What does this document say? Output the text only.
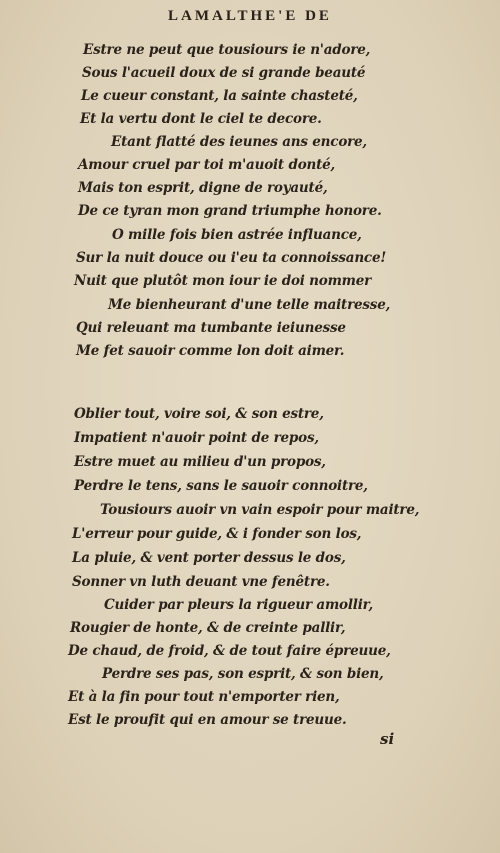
LAMALTHE'E DE
Estre ne peut que tousiours ie n'adore,
Sous l'acueil doux de si grande beauté
Le cueur constant, la sainte chasteté,
Et la vertu dont le ciel te decore.
Etant flatté des ieunes ans encore,
Amour cruel par toi m'auoit donté,
Mais ton esprit, digne de royauté,
De ce tyran mon grand triumphe honore.
O mille fois bien astrée influance,
Sur la nuit douce ou i'eu ta connoissance!
Nuit que plutôt mon iour ie doi nommer
Me bienheurant d'une telle maitresse,
Qui releuant ma tumbante ieiunesse
Me fet sauoir comme lon doit aimer.
Oblier tout, voire soi, & son estre,
Impatient n'auoir point de repos,
Estre muet au milieu d'un propos,
Perdre le tens, sans le sauoir connoitre,
Tousiours auoir vn vain espoir pour maitre,
L'erreur pour guide, & i fonder son los,
La pluie, & vent porter dessus le dos,
Sonner vn luth deuant vne fenêtre.
Cuider par pleurs la rigueur amollir,
Rougier de honte, & de creinte pallir,
De chaud, de froid, & de tout faire épreuue,
Perdre ses pas, son esprit, & son bien,
Et à la fin pour tout n'emporter rien,
Est le proufit qui en amour se treuue.
si
